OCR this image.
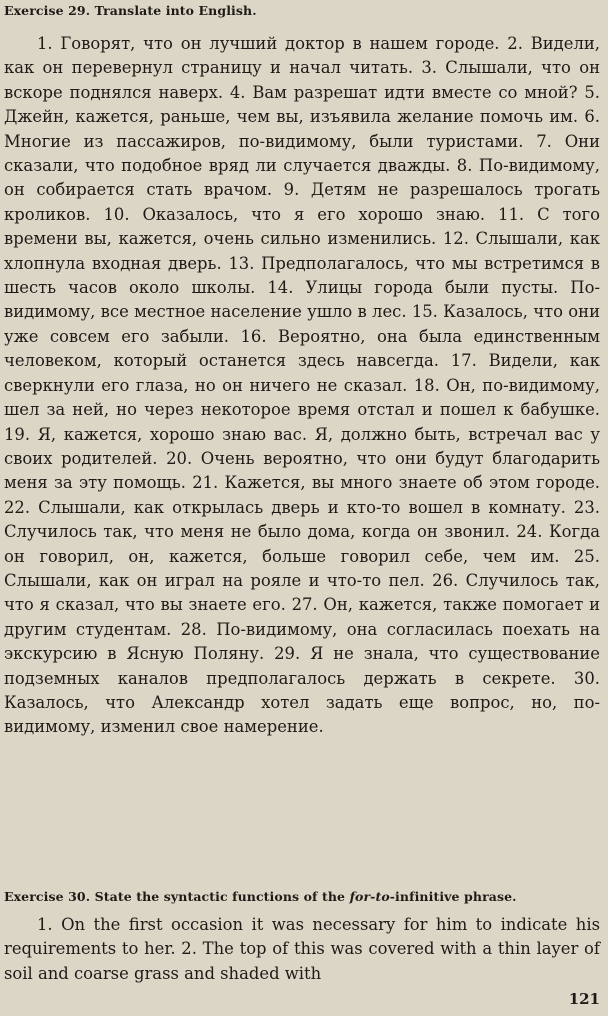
Exercise 29. Translate into English.

1. Говорят, что он лучший доктор в нашем городе. 2. Видели, как он перевернул страницу и начал читать. 3. Слышали, что он вскоре поднялся наверх. 4. Вам разрешат идти вместе со мной? 5. Джейн, кажется, раньше, чем вы, изъявила желание помочь им. 6. Многие из пассажиров, по-видимому, были туристами. 7. Они сказали, что подобное вряд ли случается дважды. 8. По-видимому, он собирается стать врачом. 9. Детям не разрешалось трогать кроликов. 10. Оказалось, что я его хорошо знаю. 11. С того времени вы, кажется, очень сильно изменились. 12. Слышали, как хлопнула входная дверь. 13. Предполагалось, что мы встретимся в шесть часов около школы. 14. Улицы города были пусты. По-видимому, все местное население ушло в лес. 15. Казалось, что они уже совсем его забыли. 16. Вероятно, она была единственным человеком, который останется здесь навсегда. 17. Видели, как сверкнули его глаза, но он ничего не сказал. 18. Он, по-видимому, шел за ней, но через некоторое время отстал и пошел к бабушке. 19. Я, кажется, хорошо знаю вас. Я, должно быть, встречал вас у своих родителей. 20. Очень вероятно, что они будут благодарить меня за эту помощь. 21. Кажется, вы много знаете об этом городе. 22. Слышали, как открылась дверь и кто-то вошел в комнату. 23. Случилось так, что меня не было дома, когда он звонил. 24. Когда он говорил, он, кажется, больше говорил себе, чем им. 25. Слышали, как он играл на рояле и что-то пел. 26. Случилось так, что я сказал, что вы знаете его. 27. Он, кажется, также помогает и другим студентам. 28. По-видимому, она согласилась поехать на экскурсию в Ясную Поляну. 29. Я не знала, что существование подземных каналов предполагалось держать в секрете. 30. Казалось, что Александр хотел задать еще вопрос, но, по-видимому, изменил свое намерение.

Exercise 30. State the syntactic functions of the for-to-infinitive phrase.

1. On the first occasion it was necessary for him to indicate his requirements to her. 2. The top of this was covered with a thin layer of soil and coarse grass and shaded with

121
